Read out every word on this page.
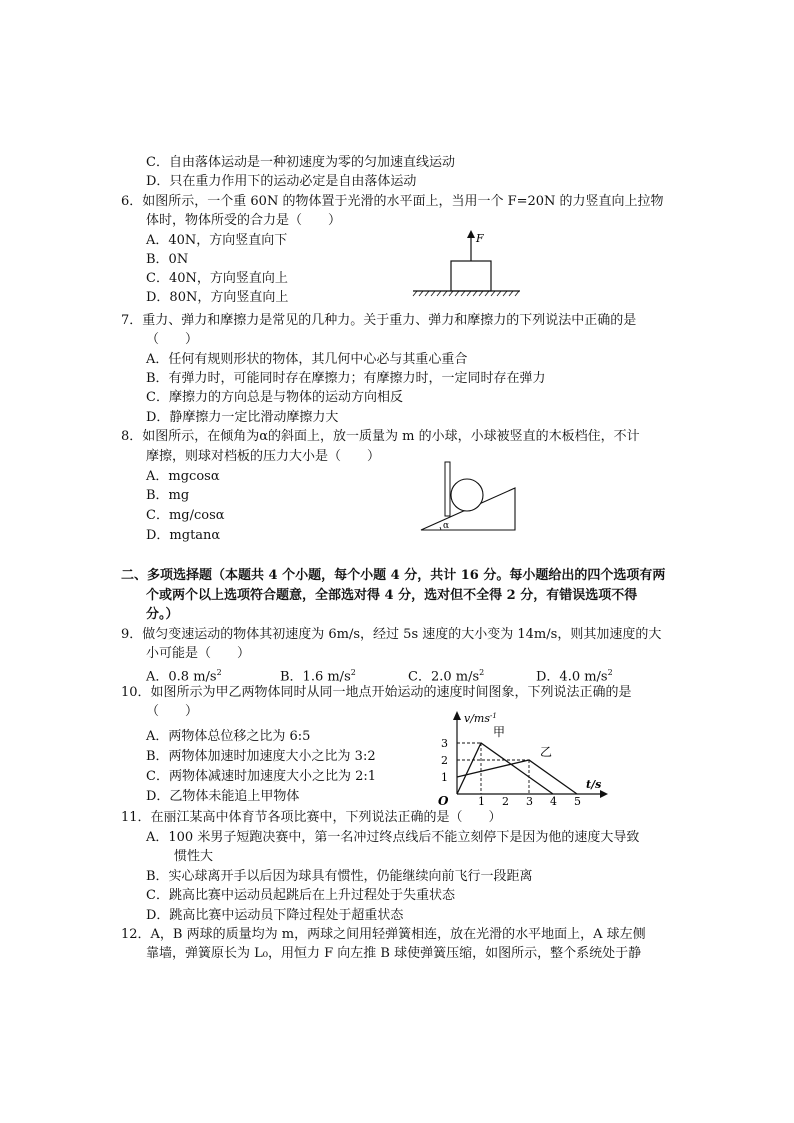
C．自由落体运动是一种初速度为零的匀加速直线运动
D．只在重力作用下的运动必定是自由落体运动
6．如图所示，一个重 60N 的物体置于光滑的水平面上，当用一个 F=20N 的力竖直向上拉物
体时，物体所受的合力是（　　）
A．40N，方向竖直向下
B．0N
C．40N，方向竖直向上
D．80N，方向竖直向上
F
7．重力、弹力和摩擦力是常见的几种力。关于重力、弹力和摩擦力的下列说法中正确的是
（　　）
A．任何有规则形状的物体，其几何中心必与其重心重合
B．有弹力时，可能同时存在摩擦力；有摩擦力时，一定同时存在弹力
C．摩擦力的方向总是与物体的运动方向相反
D．静摩擦力一定比滑动摩擦力大
8．如图所示，在倾角为α的斜面上，放一质量为 m 的小球，小球被竖直的木板档住，不计
摩擦，则球对档板的压力大小是（　　）
A．mgcosα
B．mg
C．mg/cosα
D．mgtanα
α
二、多项选择题（本题共 4 个小题，每个小题 4 分，共计 16 分。每小题给出的四个选项有两
个或两个以上选项符合题意，全部选对得 4 分，选对但不全得 2 分，有错误选项不得
分。）
9．做匀变速运动的物体其初速度为 6m/s，经过 5s 速度的大小变为 14m/s，则其加速度的大
小可能是（　　）
A．0.8 $m/s^2$	B．1.6 $m/s^2$	C．2.0 $m/s^2$	D．4.0 $m/s^2$
10．如图所示为甲乙两物体同时从同一地点开始运动的速度时间图象，下列说法正确的是
（　　）
A．两物体总位移之比为 6:5
B．两物体加速时加速度大小之比为 3:2
C．两物体减速时加速度大小之比为 2:1
D．乙物体未能追上甲物体
$v/ms^{-1}$
t/s
O	1 2 3 4 5
1
2
3
甲
乙
11．在丽江某高中体育节各项比赛中，下列说法正确的是（　　）
A．100 米男子短跑决赛中，第一名冲过终点线后不能立刻停下是因为他的速度大导致
惯性大
B．实心球离开手以后因为球具有惯性，仍能继续向前飞行一段距离
C．跳高比赛中运动员起跳后在上升过程处于失重状态
D．跳高比赛中运动员下降过程处于超重状态
12．A，B 两球的质量均为 m，两球之间用轻弹簧相连，放在光滑的水平地面上，A 球左侧
靠墙，弹簧原长为 L₀，用恒力 F 向左推 B 球使弹簧压缩，如图所示，整个系统处于静
